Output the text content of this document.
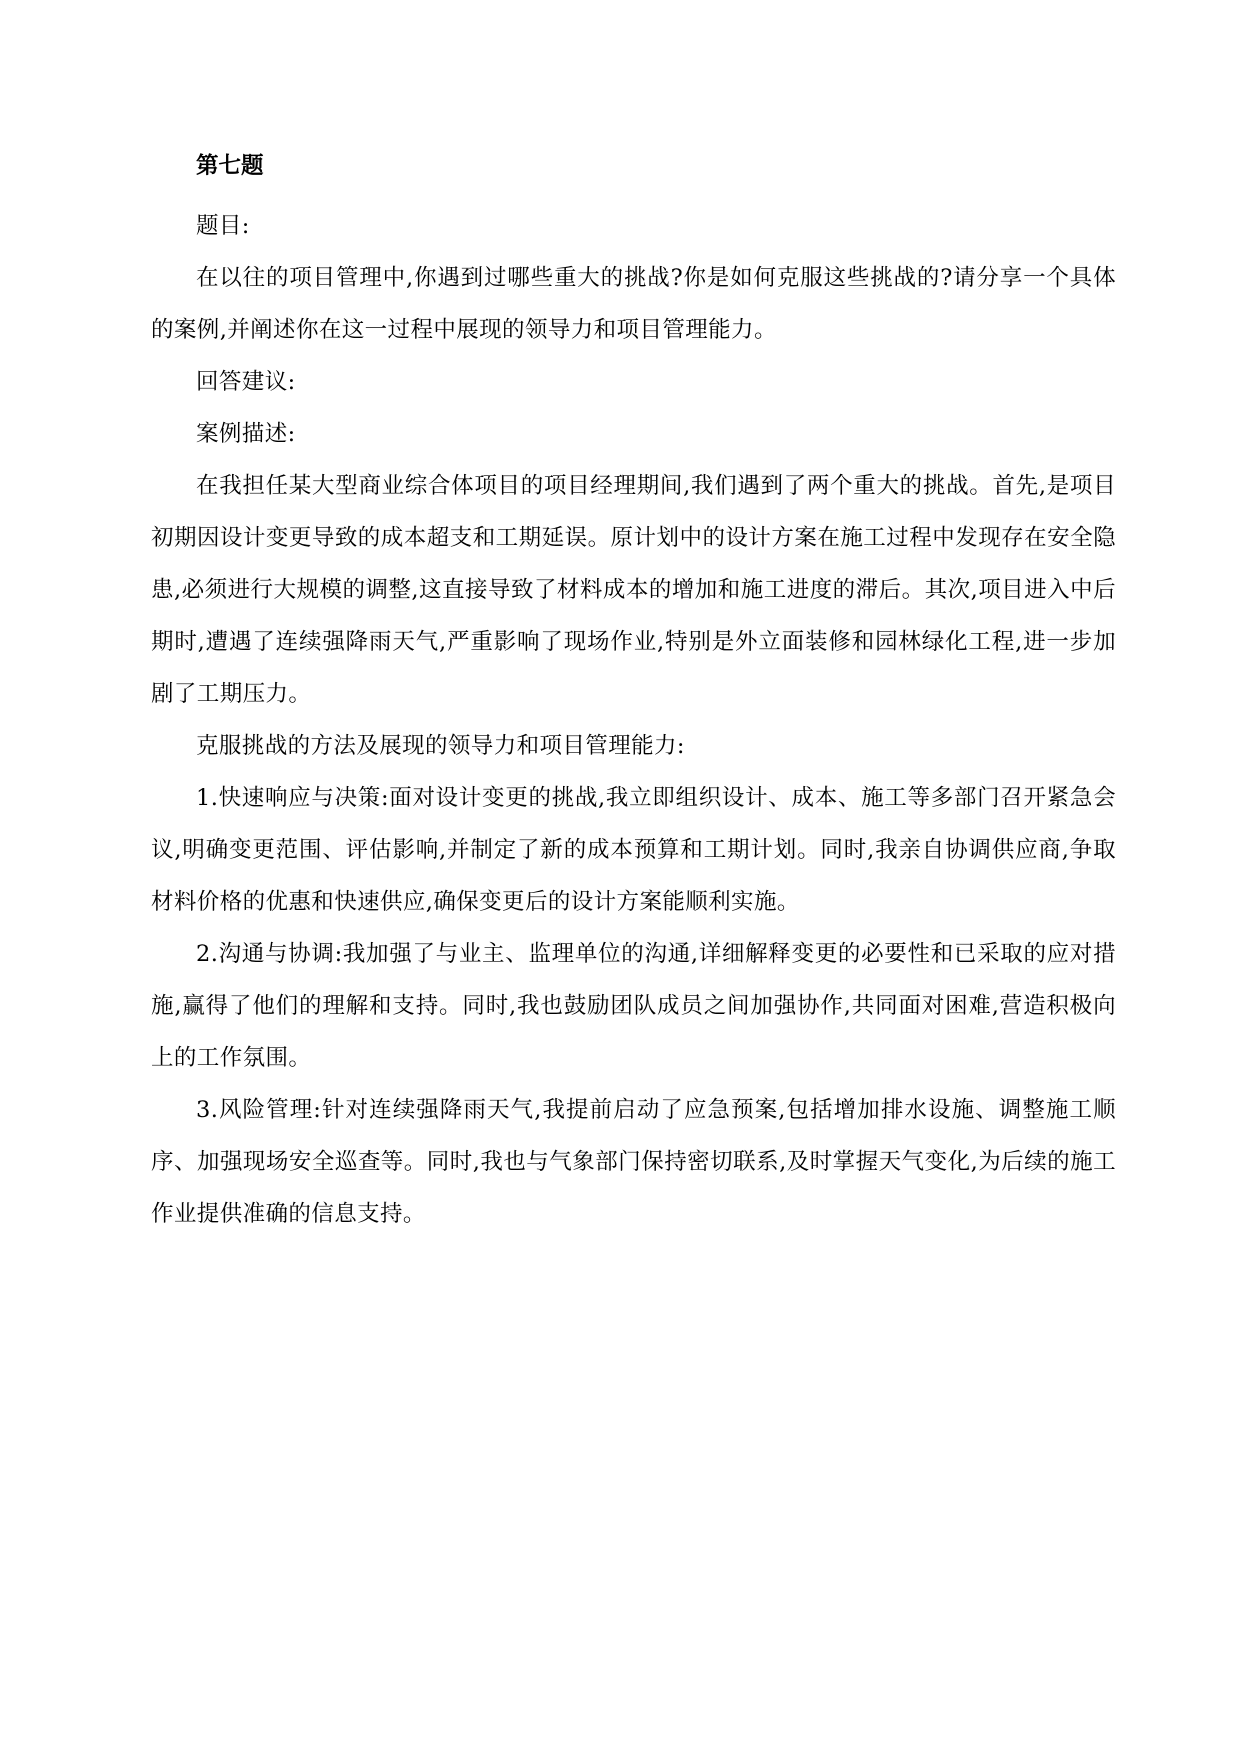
第七题

题目:

在以往的项目管理中,你遇到过哪些重大的挑战?你是如何克服这些挑战的?请分享一个具体的案例,并阐述你在这一过程中展现的领导力和项目管理能力。

回答建议:

案例描述:

在我担任某大型商业综合体项目的项目经理期间,我们遇到了两个重大的挑战。首先,是项目初期因设计变更导致的成本超支和工期延误。原计划中的设计方案在施工过程中发现存在安全隐患,必须进行大规模的调整,这直接导致了材料成本的增加和施工进度的滞后。其次,项目进入中后期时,遭遇了连续强降雨天气,严重影响了现场作业,特别是外立面装修和园林绿化工程,进一步加剧了工期压力。

克服挑战的方法及展现的领导力和项目管理能力:

1.快速响应与决策:面对设计变更的挑战,我立即组织设计、成本、施工等多部门召开紧急会议,明确变更范围、评估影响,并制定了新的成本预算和工期计划。同时,我亲自协调供应商,争取材料价格的优惠和快速供应,确保变更后的设计方案能顺利实施。

2.沟通与协调:我加强了与业主、监理单位的沟通,详细解释变更的必要性和已采取的应对措施,赢得了他们的理解和支持。同时,我也鼓励团队成员之间加强协作,共同面对困难,营造积极向上的工作氛围。

3.风险管理:针对连续强降雨天气,我提前启动了应急预案,包括增加排水设施、调整施工顺序、加强现场安全巡查等。同时,我也与气象部门保持密切联系,及时掌握天气变化,为后续的施工作业提供准确的信息支持。
